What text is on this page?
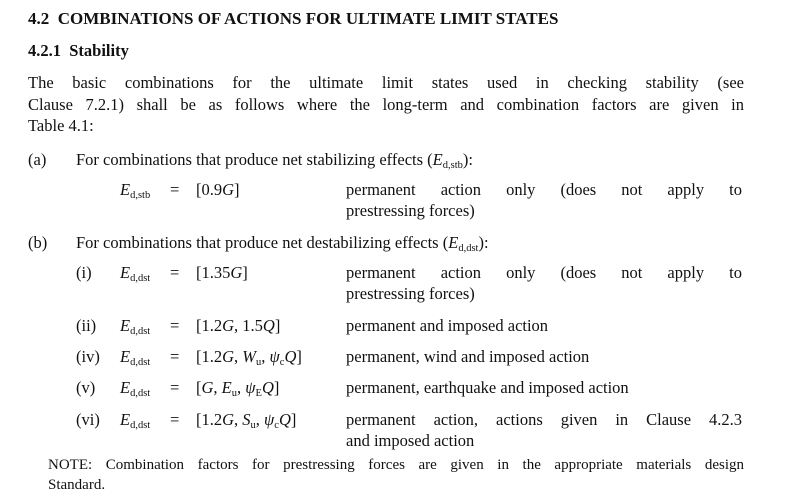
4.2 COMBINATIONS OF ACTIONS FOR ULTIMATE LIMIT STATES
4.2.1 Stability
The basic combinations for the ultimate limit states used in checking stability (see
Clause 7.2.1) shall be as follows where the long-term and combination factors are given in
Table 4.1:
(a) For combinations that produce net stabilizing effects $(E_{d,stb})$:
$E_{d,stb} = [0.9G]$	permanent action only (does not apply to
prestressing forces)
(b) For combinations that produce net destabilizing effects $(E_{d,dst})$:
(i) $E_{d,dst} = [1.35G]$	permanent action only (does not apply to
prestressing forces)
(ii) $E_{d,dst} = [1.2G$, 1.5Q]	permanent and imposed action
(iv) $E_{d,dst} = [1.2G$, $W_u$, $\psi_cQ$]	permanent, wind and imposed action
(v) $E_{d,dst} = [G$, $E_u$, $\psi_EQ$]	permanent, earthquake and imposed action
(vi) $E_{d,dst} = [1.2G$, $S_u$, $\psi_cQ$]	permanent action, actions given in Clause 4.2.3
and imposed action
NOTE: Combination factors for prestressing forces are given in the appropriate materials design
Standard.
